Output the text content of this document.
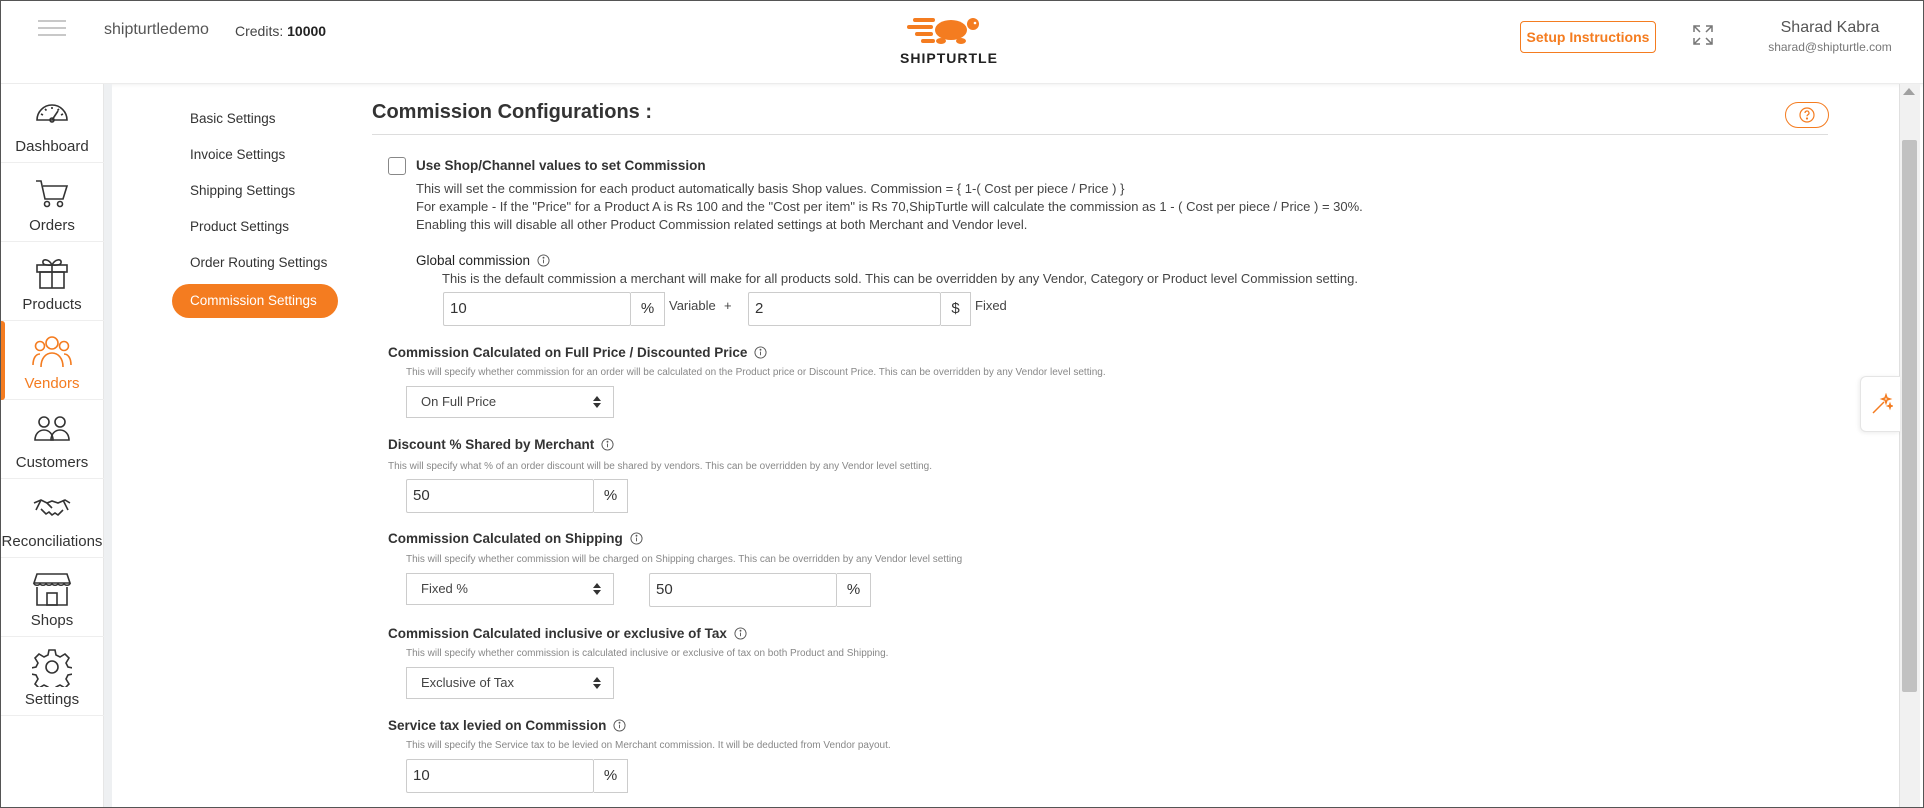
shipturtledemo Credits: 10000
SHIPTURTLE
Setup Instructions
Sharad Kabra
sharad@shipturtle.com
Dashboard
Orders
Products
Vendors
Customers
Reconciliations
Shops
Settings
Basic Settings
Invoice Settings
Shipping Settings
Product Settings
Order Routing Settings
Commission Settings
Commission Configurations :
Use Shop/Channel values to set Commission
This will set the commission for each product automatically basis Shop values. Commission = { 1-( Cost per piece / Price ) }
For example - If the "Price" for a Product A is Rs 100 and the "Cost per item" is Rs 70,ShipTurtle will calculate the commission as 1 - ( Cost per piece / Price ) = 30%.
Enabling this will disable all other Product Commission related settings at both Merchant and Vendor level.
Global commission
This is the default commission a merchant will make for all products sold. This can be overridden by any Vendor, Category or Product level Commission setting.
10	%	Variable +	2	$	Fixed
Commission Calculated on Full Price / Discounted Price
This will specify whether commission for an order will be calculated on the Product price or Discount Price. This can be overridden by any Vendor level setting.
On Full Price
Discount % Shared by Merchant
This will specify what % of an order discount will be shared by vendors. This can be overridden by any Vendor level setting.
50	%
Commission Calculated on Shipping
This will specify whether commission will be charged on Shipping charges. This can be overridden by any Vendor level setting
Fixed %	50	%
Commission Calculated inclusive or exclusive of Tax
This will specify whether commission is calculated inclusive or exclusive of tax on both Product and Shipping.
Exclusive of Tax
Service tax levied on Commission
This will specify the Service tax to be levied on Merchant commission. It will be deducted from Vendor payout.
10	%
